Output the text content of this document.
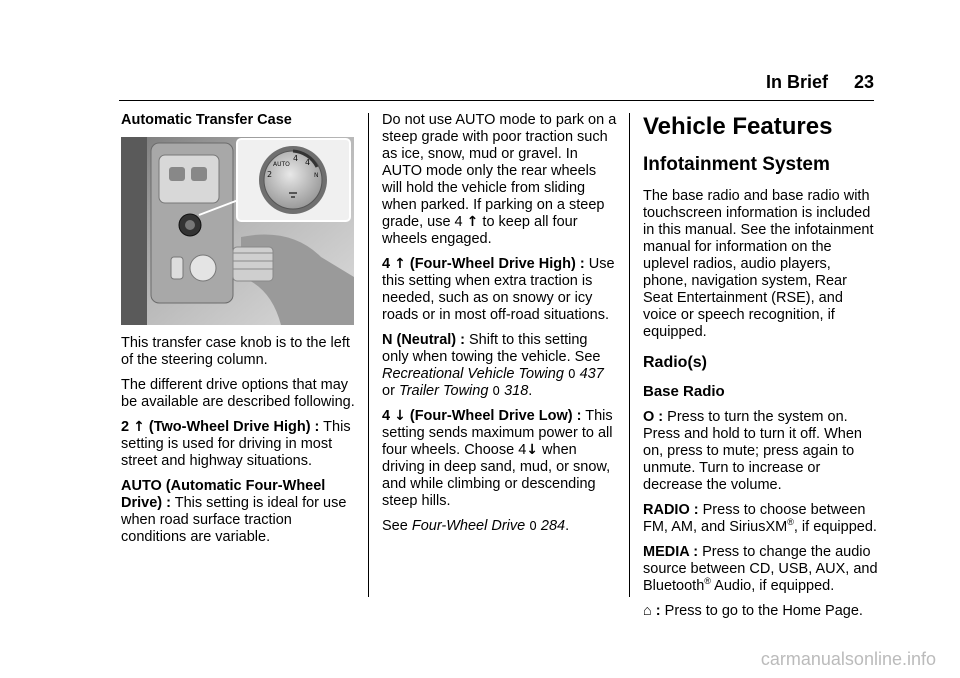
In Brief 23

Automatic Transfer Case

2
AUTO
4 4
N

This transfer case knob is to the left of the steering column.

The different drive options that may be available are described following.

2 ↑ (Two-Wheel Drive High) : This setting is used for driving in most street and highway situations.

AUTO (Automatic Four-Wheel Drive) : This setting is ideal for use when road surface traction conditions are variable.

Do not use AUTO mode to park on a steep grade with poor traction such as ice, snow, mud or gravel. In AUTO mode only the rear wheels will hold the vehicle from sliding when parked. If parking on a steep grade, use 4 ↑ to keep all four wheels engaged.

4 ↑ (Four-Wheel Drive High) : Use this setting when extra traction is needed, such as on snowy or icy roads or in most off-road situations.

N (Neutral) : Shift to this setting only when towing the vehicle. See Recreational Vehicle Towing 0 437 or Trailer Towing 0 318.

4 ↓ (Four-Wheel Drive Low) : This setting sends maximum power to all four wheels. Choose 4↓ when driving in deep sand, mud, or snow, and while climbing or descending steep hills.

See Four-Wheel Drive 0 284.

Vehicle Features
Infotainment System

The base radio and base radio with touchscreen information is included in this manual. See the infotainment manual for information on the uplevel radios, audio players, phone, navigation system, Rear Seat Entertainment (RSE), and voice or speech recognition, if equipped.

Radio(s)
Base Radio

O : Press to turn the system on. Press and hold to turn it off. When on, press to mute; press again to unmute. Turn to increase or decrease the volume.

RADIO : Press to choose between FM, AM, and SiriusXM®, if equipped.

MEDIA : Press to change the audio source between CD, USB, AUX, and Bluetooth® Audio, if equipped.

⌂ : Press to go to the Home Page.

carmanualsonline.info
